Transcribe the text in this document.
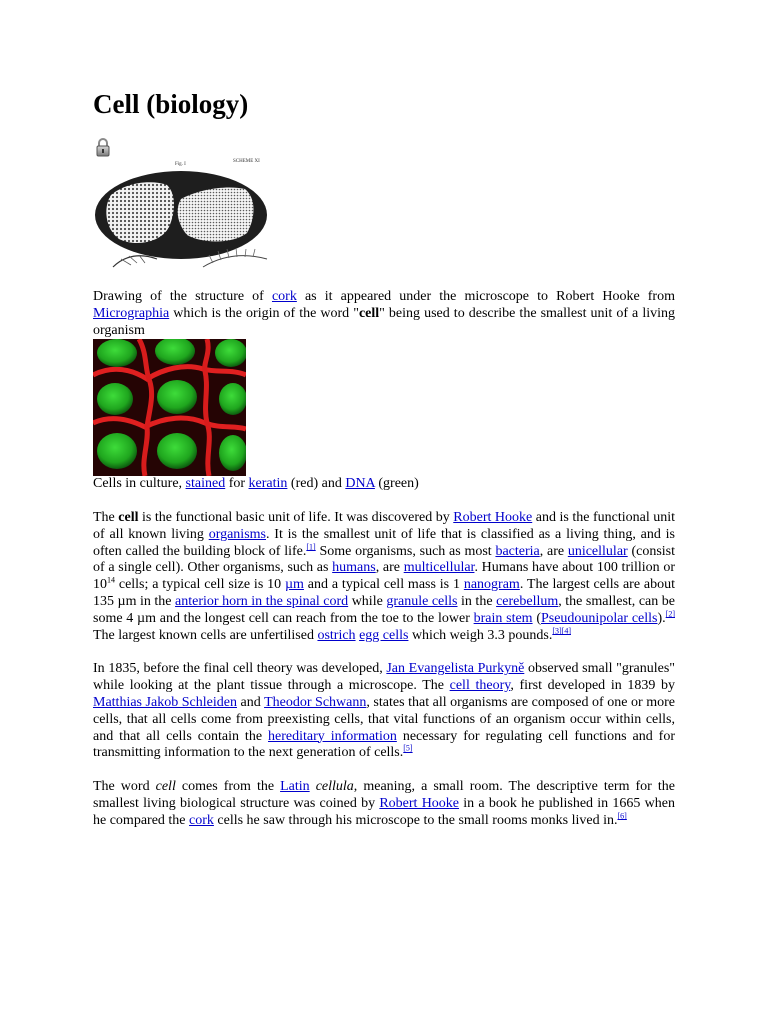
Cell (biology)
Fig. I
SCHEME XI
Drawing of the structure of cork as it appeared under the microscope to Robert Hooke from Micrographia which is the origin of the word "cell" being used to describe the smallest unit of a living organism
Cells in culture, stained for keratin (red) and DNA (green)

The cell is the functional basic unit of life. It was discovered by Robert Hooke and is the functional unit of all known living organisms. It is the smallest unit of life that is classified as a living thing, and is often called the building block of life.[1] Some organisms, such as most bacteria, are unicellular (consist of a single cell). Other organisms, such as humans, are multicellular. Humans have about 100 trillion or $10^{14}$ cells; a typical cell size is 10 µm and a typical cell mass is 1 nanogram. The largest cells are about 135 µm in the anterior horn in the spinal cord while granule cells in the cerebellum, the smallest, can be some 4 µm and the longest cell can reach from the toe to the lower brain stem (Pseudounipolar cells).[2] The largest known cells are unfertilised ostrich egg cells which weigh 3.3 pounds.[3][4]

In 1835, before the final cell theory was developed, Jan Evangelista Purkyně observed small "granules" while looking at the plant tissue through a microscope. The cell theory, first developed in 1839 by Matthias Jakob Schleiden and Theodor Schwann, states that all organisms are composed of one or more cells, that all cells come from preexisting cells, that vital functions of an organism occur within cells, and that all cells contain the hereditary information necessary for regulating cell functions and for transmitting information to the next generation of cells.[5]

The word cell comes from the Latin cellula, meaning, a small room. The descriptive term for the smallest living biological structure was coined by Robert Hooke in a book he published in 1665 when he compared the cork cells he saw through his microscope to the small rooms monks lived in.[6]
